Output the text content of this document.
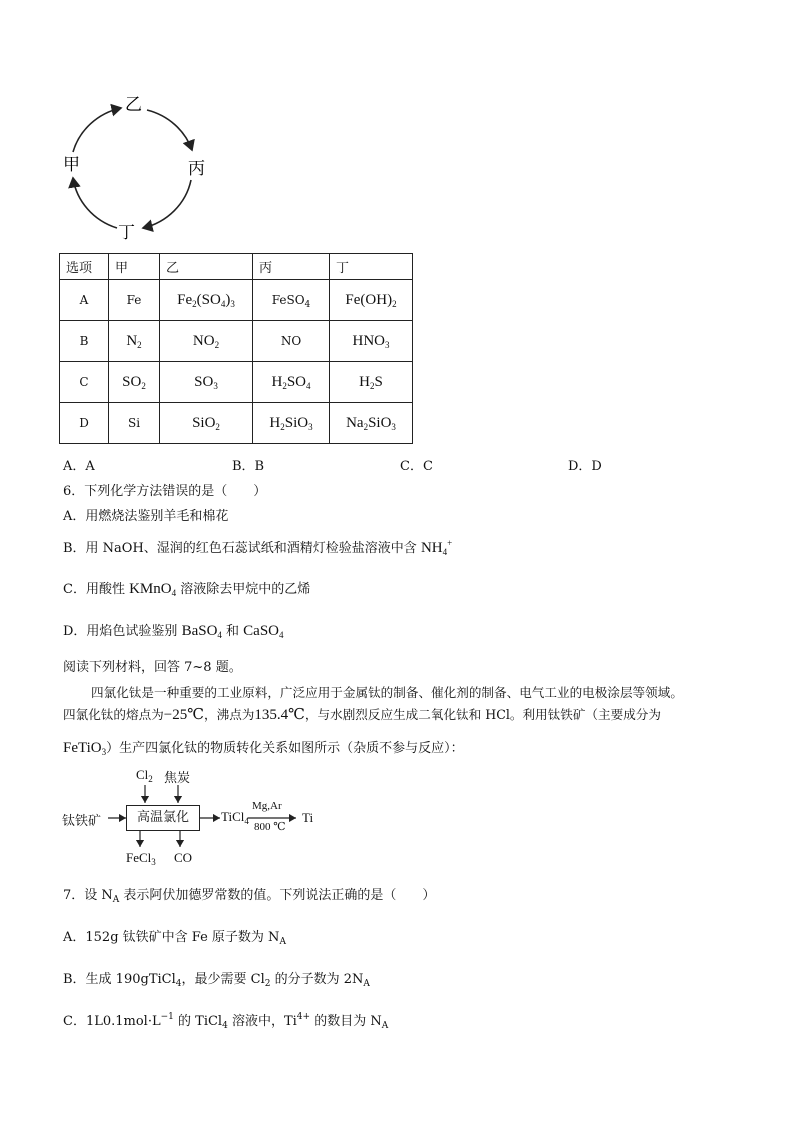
乙
丙
丁
甲
选项	甲	乙	丙	丁
A	Fe	$Fe_2(SO_4)_3$	FeSO$_4$	$Fe(OH)_2$
B	$N_2$	$NO_2$	NO	$HNO_3$
C	$SO_2$	$SO_3$	$H_2SO_4$	$H_2S$
D	Si	SiO$_2$	$H_2SiO_3$	$Na_2SiO_3$
A．A	B．B	C．C	D．D
6．下列化学方法错误的是（　　）
A．用燃烧法鉴别羊毛和棉花
B．用 NaOH、湿润的红色石蕊试纸和酒精灯检验盐溶液中含 $NH_4^+$
C．用酸性 KMnO$_4$ 溶液除去甲烷中的乙烯
D．用焰色试验鉴别 BaSO$_4$ 和 CaSO$_4$
阅读下列材料，回答 7~8 题。
四氯化钛是一种重要的工业原料，广泛应用于金属钛的制备、催化剂的制备、电气工业的电极涂层等领域。
四氯化钛的熔点为−25℃，沸点为135.4℃，与水剧烈反应生成二氧化钛和 HCl。利用钛铁矿（主要成分为
FeTiO$_3$）生产四氯化钛的物质转化关系如图所示（杂质不参与反应）：
钛铁矿
$Cl_2$ 焦炭
高温氯化	TiCl$_4$
Mg,Ar
800 ℃
Ti
FeCl$_3$ CO
7．设 $N_A$ 表示阿伏加德罗常数的值。下列说法正确的是（　　）
A．152g 钛铁矿中含 Fe 原子数为 $N_A$
B．生成 190gTiCl$_4$，最少需要 $Cl_2$ 的分子数为 $2N_A$
C．$1L0.1mol\cdot L^{-1}$ 的 TiCl$_4$ 溶液中，$Ti^{4+}$ 的数目为 $N_A$
